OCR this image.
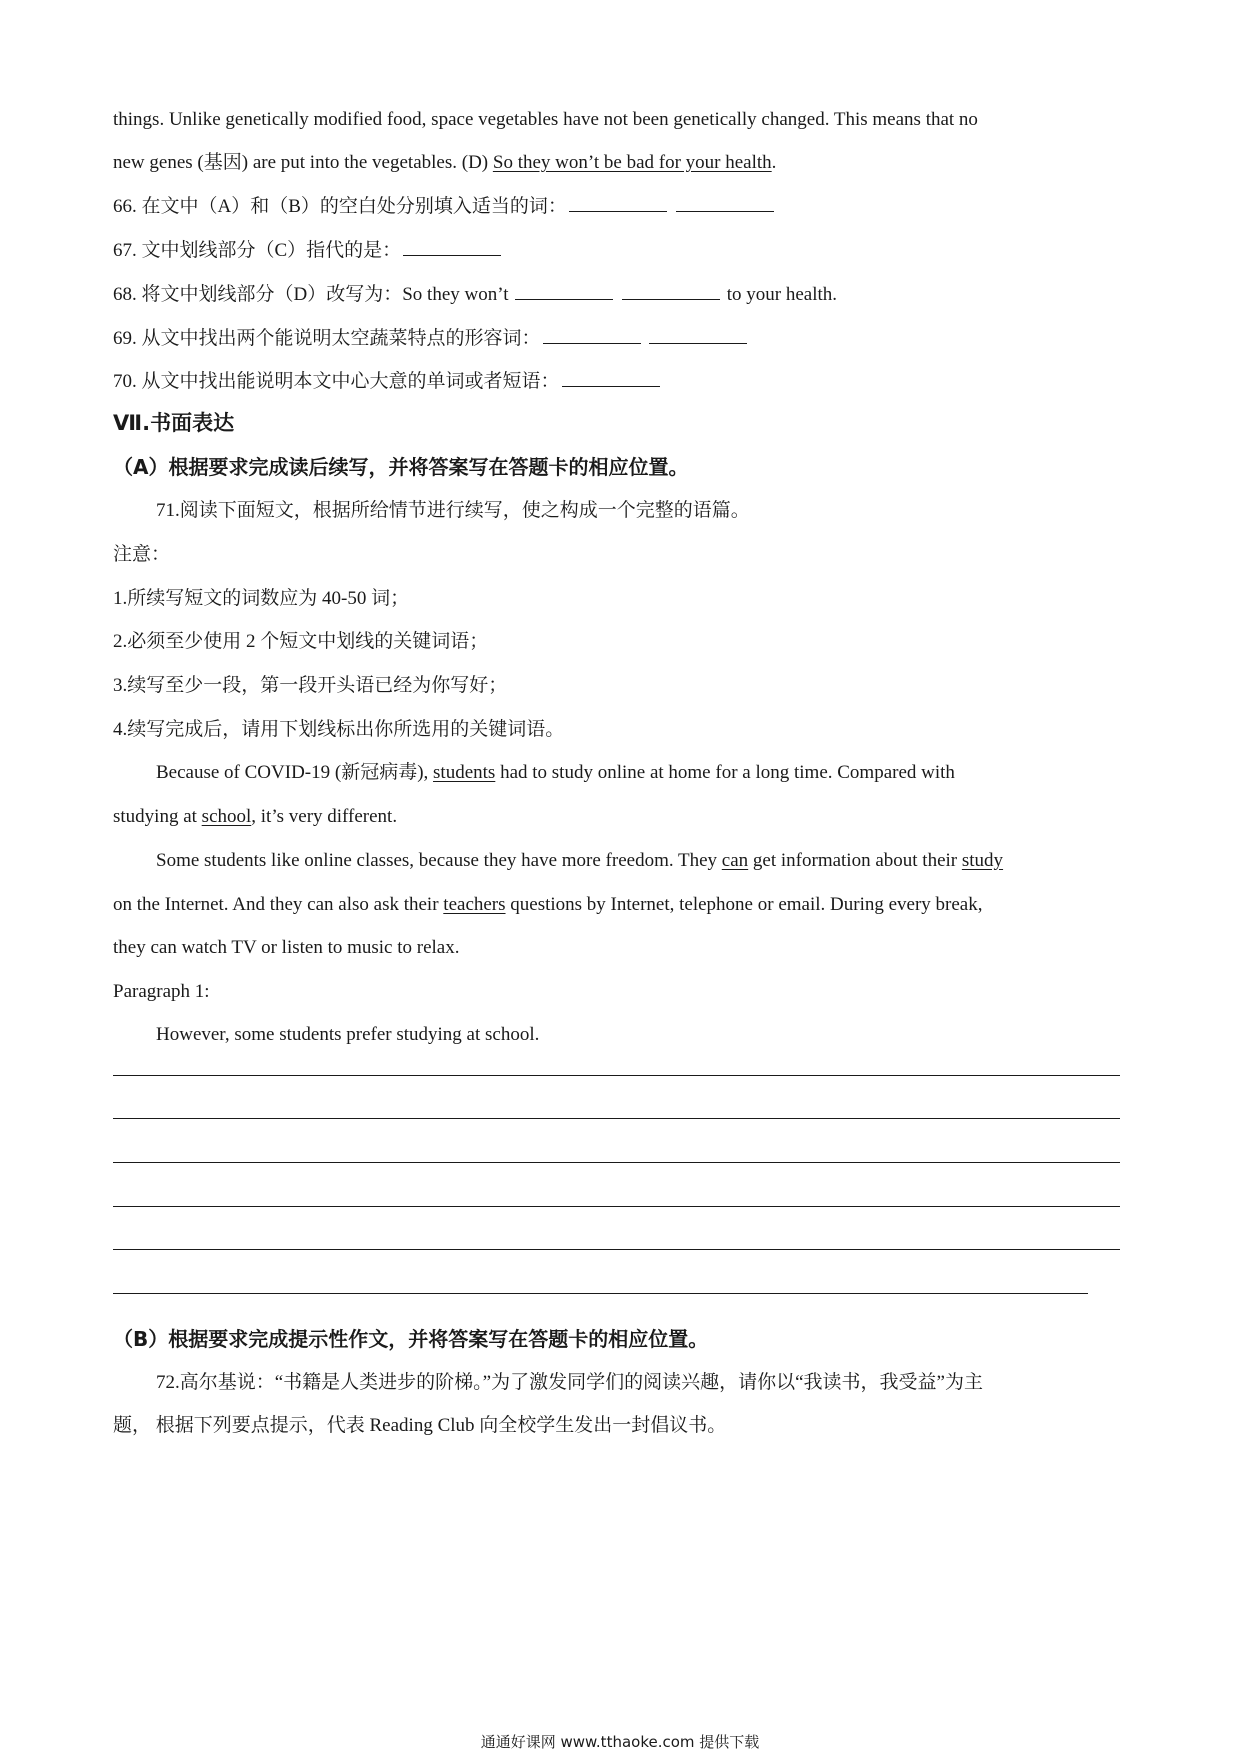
things. Unlike genetically modified food, space vegetables have not been genetically changed. This means that no
new genes (基因) are put into the vegetables. (D) So they won’t be bad for your health.
66. 在文中（A）和（B）的空白处分别填入适当的词：
67. 文中划线部分（C）指代的是：
68. 将文中划线部分（D）改写为：So they won’t	to your health.
69. 从文中找出两个能说明太空蔬菜特点的形容词：
70. 从文中找出能说明本文中心大意的单词或者短语：
Ⅶ.书面表达
（A）根据要求完成读后续写，并将答案写在答题卡的相应位置。
71.阅读下面短文，根据所给情节进行续写，使之构成一个完整的语篇。
注意：
1.所续写短文的词数应为 40-50 词；
2.必须至少使用 2 个短文中划线的关键词语；
3.续写至少一段，第一段开头语已经为你写好；
4.续写完成后，请用下划线标出你所选用的关键词语。
Because of COVID-19 (新冠病毒), students had to study online at home for a long time. Compared with
studying at school, it’s very different.
Some students like online classes, because they have more freedom. They can get information about their study
on the Internet. And they can also ask their teachers questions by Internet, telephone or email. During every break,
they can watch TV or listen to music to relax.
Paragraph 1:
However, some students prefer studying at school.
（B）根据要求完成提示性作文，并将答案写在答题卡的相应位置。
72.高尔基说：“书籍是人类进步的阶梯。”为了激发同学们的阅读兴趣，请你以“我读书，我受益”为主
题， 根据下列要点提示，代表 Reading Club 向全校学生发出一封倡议书。
通通好课网 www.tthaoke.com 提供下载
